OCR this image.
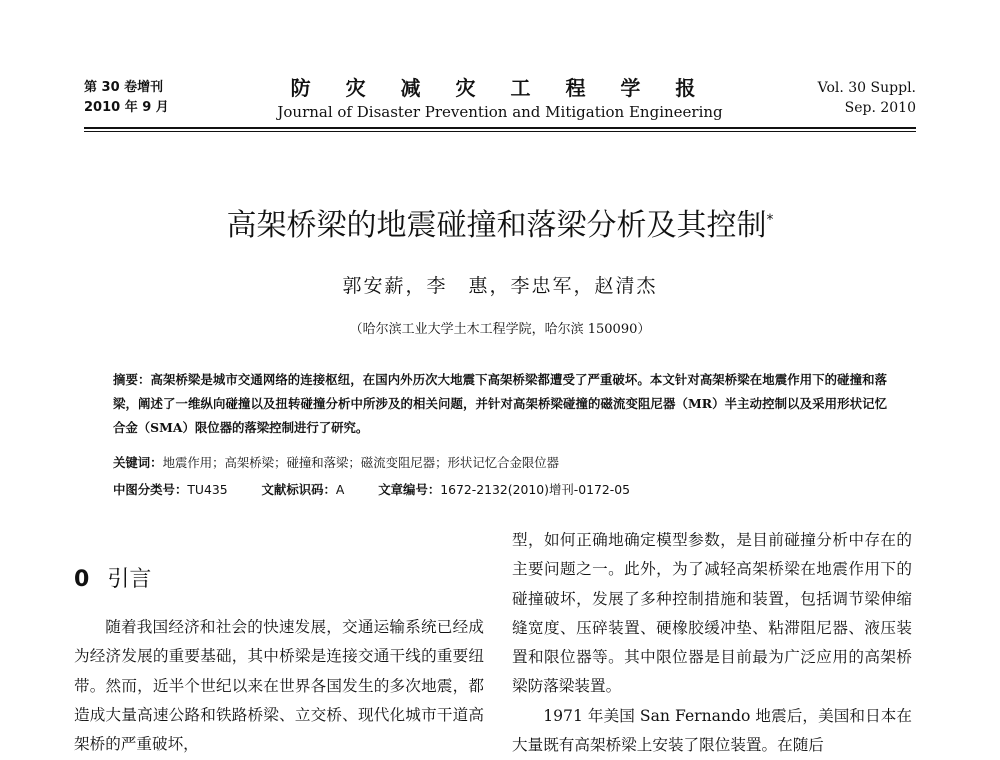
第 30 卷增刊
2010 年 9 月
防 灾 减 灾 工 程 学 报
Journal of Disaster Prevention and Mitigation Engineering
Vol. 30 Suppl.
Sep. 2010
高架桥梁的地震碰撞和落梁分析及其控制*
郭安薪，李　惠，李忠军，赵清杰
（哈尔滨工业大学土木工程学院，哈尔滨 150090）
摘要：高架桥梁是城市交通网络的连接枢纽，在国内外历次大地震下高架桥梁都遭受了严重破坏。本文针对高架桥梁在地震作用下的碰撞和落梁，阐述了一维纵向碰撞以及扭转碰撞分析中所涉及的相关问题，并针对高架桥梁碰撞的磁流变阻尼器（MR）半主动控制以及采用形状记忆合金（SMA）限位器的落梁控制进行了研究。
关键词：地震作用；高架桥梁；碰撞和落梁；磁流变阻尼器；形状记忆合金限位器
中图分类号：TU435	文献标识码：A	文章编号：1672-2132(2010)增刊-0172-05
0 引言

随着我国经济和社会的快速发展，交通运输系统已经成为经济发展的重要基础，其中桥梁是连接交通干线的重要纽带。然而，近半个世纪以来在世界各国发生的多次地震，都造成大量高速公路和铁路桥梁、立交桥、现代化城市干道高架桥的严重破坏，

型，如何正确地确定模型参数，是目前碰撞分析中存在的主要问题之一。此外，为了减轻高架桥梁在地震作用下的碰撞破坏，发展了多种控制措施和装置，包括调节梁伸缩缝宽度、压碎装置、硬橡胶缓冲垫、粘滞阻尼器、液压装置和限位器等。其中限位器是目前最为广泛应用的高架桥梁防落梁装置。

1971 年美国 San Fernando 地震后，美国和日本在大量既有高架桥梁上安装了限位装置。在随后
